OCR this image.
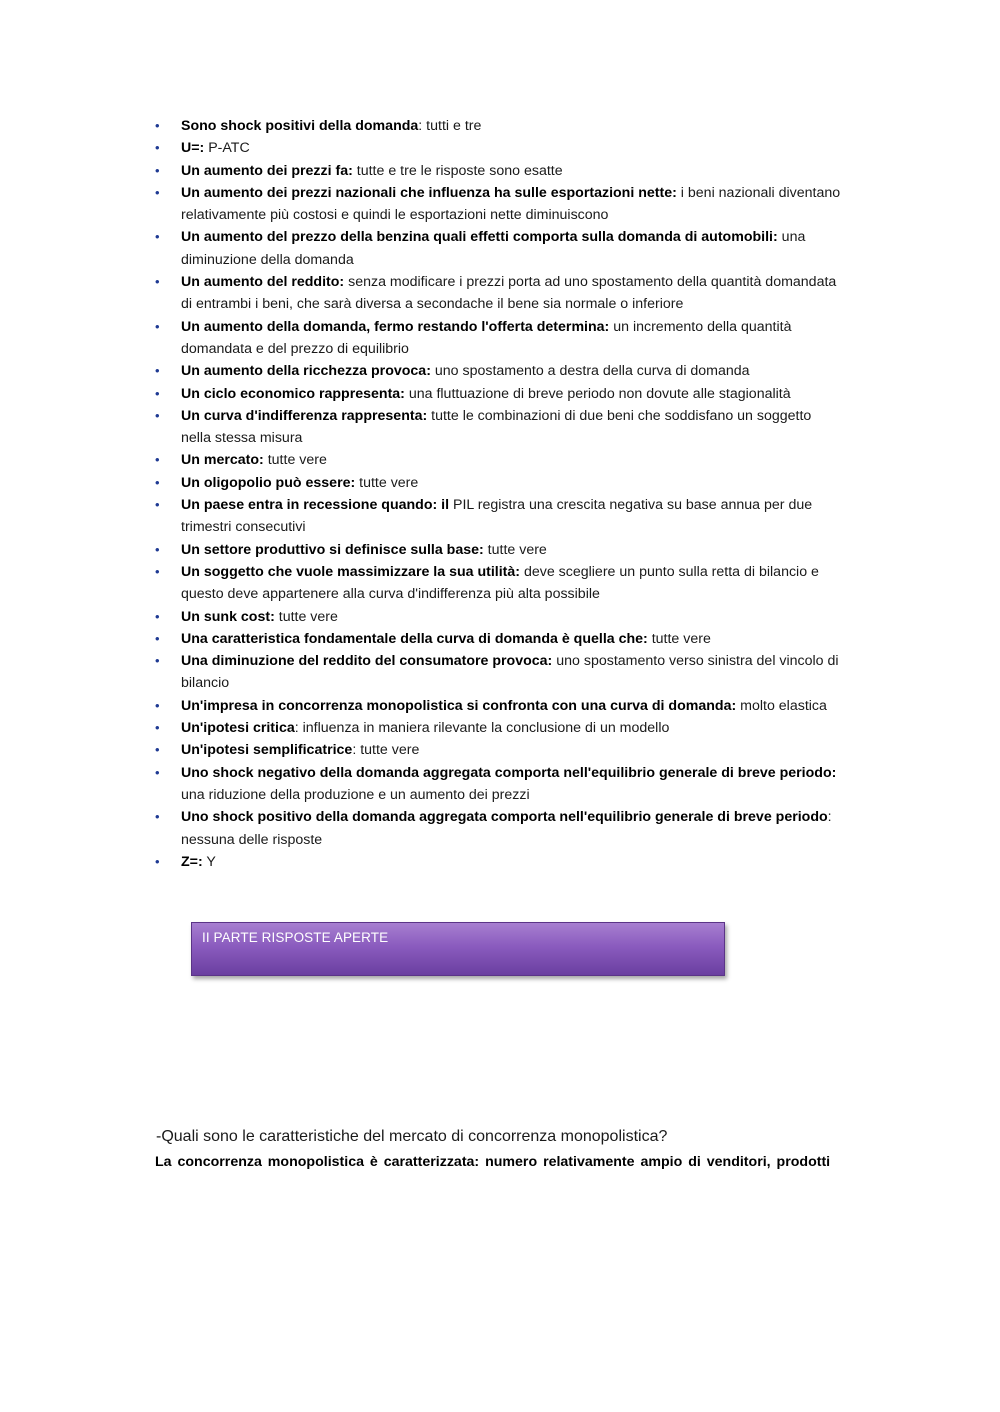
• Sono shock positivi della domanda: tutti e tre
• U=: P-ATC
• Un aumento dei prezzi fa: tutte e tre le risposte sono esatte
• Un aumento dei prezzi nazionali che influenza ha sulle esportazioni nette: i beni nazionali diventano relativamente più costosi e quindi le esportazioni nette diminuiscono
• Un aumento del prezzo della benzina quali effetti comporta sulla domanda di automobili: una diminuzione della domanda
• Un aumento del reddito: senza modificare i prezzi porta ad uno spostamento della quantità domandata di entrambi i beni, che sarà diversa a secondache il bene sia normale o inferiore
• Un aumento della domanda, fermo restando l'offerta determina: un incremento della quantità domandata e del prezzo di equilibrio
• Un aumento della ricchezza provoca: uno spostamento a destra della curva di domanda
• Un ciclo economico rappresenta: una fluttuazione di breve periodo non dovute alle stagionalità
• Un curva d'indifferenza rappresenta: tutte le combinazioni di due beni che soddisfano un soggetto nella stessa misura
• Un mercato: tutte vere
• Un oligopolio può essere: tutte vere
• Un paese entra in recessione quando: il PIL registra una crescita negativa su base annua per due trimestri consecutivi
• Un settore produttivo si definisce sulla base: tutte vere
• Un soggetto che vuole massimizzare la sua utilità: deve scegliere un punto sulla retta di bilancio e questo deve appartenere alla curva d'indifferenza più alta possibile
• Un sunk cost: tutte vere
• Una caratteristica fondamentale della curva di domanda è quella che: tutte vere
• Una diminuzione del reddito del consumatore provoca: uno spostamento verso sinistra del vincolo di bilancio
• Un'impresa in concorrenza monopolistica si confronta con una curva di domanda: molto elastica
• Un'ipotesi critica: influenza in maniera rilevante la conclusione di un modello
• Un'ipotesi semplificatrice: tutte vere
• Uno shock negativo della domanda aggregata comporta nell'equilibrio generale di breve periodo: una riduzione della produzione e un aumento dei prezzi
• Uno shock positivo della domanda aggregata comporta nell'equilibrio generale di breve periodo: nessuna delle risposte
• Z=: Y
II PARTE RISPOSTE APERTE
-Quali sono le caratteristiche del mercato di concorrenza monopolistica?
La concorrenza monopolistica è caratterizzata: numero relativamente ampio di venditori, prodotti
